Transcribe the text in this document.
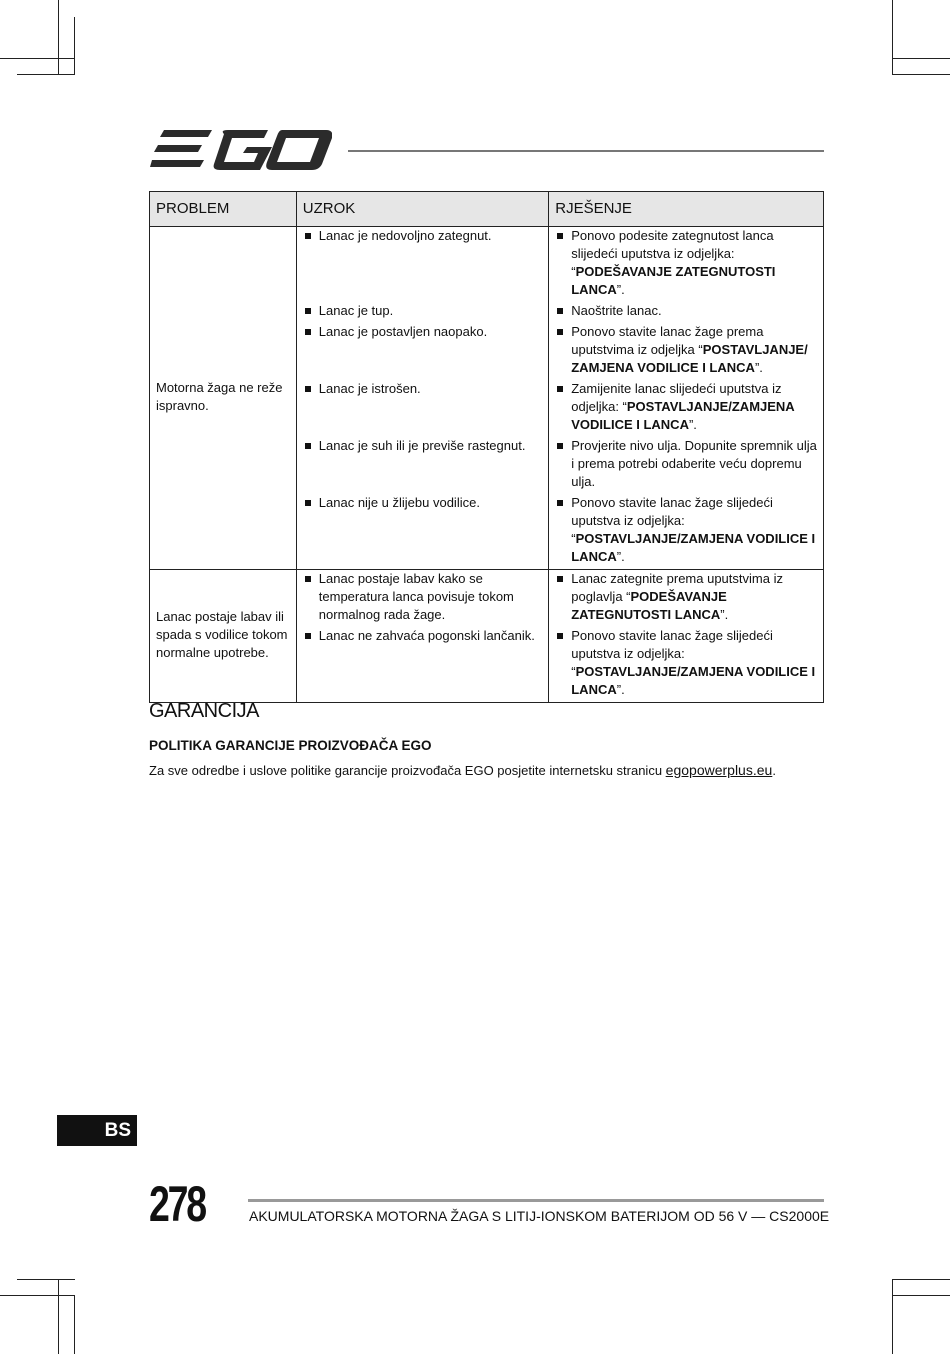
PROBLEM	UZROK	RJEŠENJE
Motorna žaga ne reže ispravno.	Lanac je nedovoljno zategnut.	Ponovo podesite zategnutost lanca slijedeći uputstva iz odjeljka: “PODEŠAVANJE ZATEGNUTOSTI LANCA”.

	Lanac je tup.	Naoštrite lanac.

	Lanac je postavljen naopako.	Ponovo stavite lanac žage prema uputstvima iz odjeljka “POSTAVLJANJE/ ZAMJENA VODILICE I LANCA”.

	Lanac je istrošen.	Zamijenite lanac slijedeći uputstva iz odjeljka: “POSTAVLJANJE/ZAMJENA VODILICE I LANCA”.

	Lanac je suh ili je previše rastegnut.	Provjerite nivo ulja. Dopunite spremnik ulja i prema potrebi odaberite veću dopremu ulja.

	Lanac nije u žlijebu vodilice.	Ponovo stavite lanac žage slijedeći uputstva iz odjeljka: “POSTAVLJANJE/ZAMJENA VODILICE I LANCA”.

Lanac postaje labav ili spada s vodilice tokom normalne upotrebe.	Lanac postaje labav kako se temperatura lanca povisuje tokom normalnog rada žage.	Lanac zategnite prema uputstvima iz poglavlja “PODEŠAVANJE ZATEGNUTOSTI LANCA”.

	Lanac ne zahvaća pogonski lančanik.	Ponovo stavite lanac žage slijedeći uputstva iz odjeljka: “POSTAVLJANJE/ZAMJENA VODILICE I LANCA”.
GARANCIJA
POLITIKA GARANCIJE PROIZVOĐAČA EGO

Za sve odredbe i uslove politike garancije proizvođača EGO posjetite internetsku stranicu egopowerplus.eu.

BS
278	AKUMULATORSKA MOTORNA ŽAGA S LITIJ-IONSKOM BATERIJOM OD 56 V — CS2000E
